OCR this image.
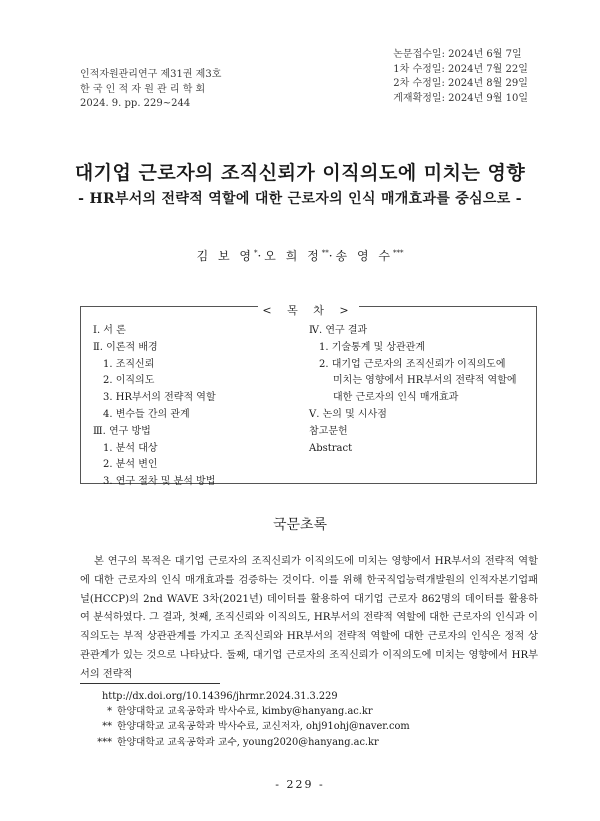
인적자원관리연구 제31권 제3호
한 국 인 적 자 원 관 리 학 회
2024. 9. pp. 229~244
논문접수일: 2024년 6월 7일
1차 수정일: 2024년 7월 22일
2차 수정일: 2024년 8월 29일
게재확정일: 2024년 9월 10일
대기업 근로자의 조직신뢰가 이직의도에 미치는 영향
- HR부서의 전략적 역할에 대한 근로자의 인식 매개효과를 중심으로 -
김 보 영*·오 희 정**·송 영 수***
< 목 차 >
Ⅰ. 서 론
Ⅱ. 이론적 배경
1. 조직신뢰
2. 이직의도
3. HR부서의 전략적 역할
4. 변수들 간의 관계
Ⅲ. 연구 방법
1. 분석 대상
2. 분석 변인
3. 연구 절차 및 분석 방법
Ⅳ. 연구 결과
1. 기술통계 및 상관관계
2. 대기업 근로자의 조직신뢰가 이직의도에
미치는 영향에서 HR부서의 전략적 역할에
대한 근로자의 인식 매개효과
Ⅴ. 논의 및 시사점
참고문헌
Abstract
국문초록

본 연구의 목적은 대기업 근로자의 조직신뢰가 이직의도에 미치는 영향에서 HR부서의 전략적 역할에 대한 근로자의 인식 매개효과를 검증하는 것이다. 이를 위해 한국직업능력개발원의 인적자본기업패널(HCCP)의 2nd WAVE 3차(2021년) 데이터를 활용하여 대기업 근로자 862명의 데이터를 활용하여 분석하였다. 그 결과, 첫째, 조직신뢰와 이직의도, HR부서의 전략적 역할에 대한 근로자의 인식과 이직의도는 부적 상관관계를 가지고 조직신뢰와 HR부서의 전략적 역할에 대한 근로자의 인식은 정적 상관관계가 있는 것으로 나타났다. 둘째, 대기업 근로자의 조직신뢰가 이직의도에 미치는 영향에서 HR부서의 전략적

http://dx.doi.org/10.14396/jhrmr.2024.31.3.229
* 한양대학교 교육공학과 박사수료, kimby@hanyang.ac.kr
** 한양대학교 교육공학과 박사수료, 교신저자, ohj91ohj@naver.com
*** 한양대학교 교육공학과 교수, young2020@hanyang.ac.kr
- 229 -
